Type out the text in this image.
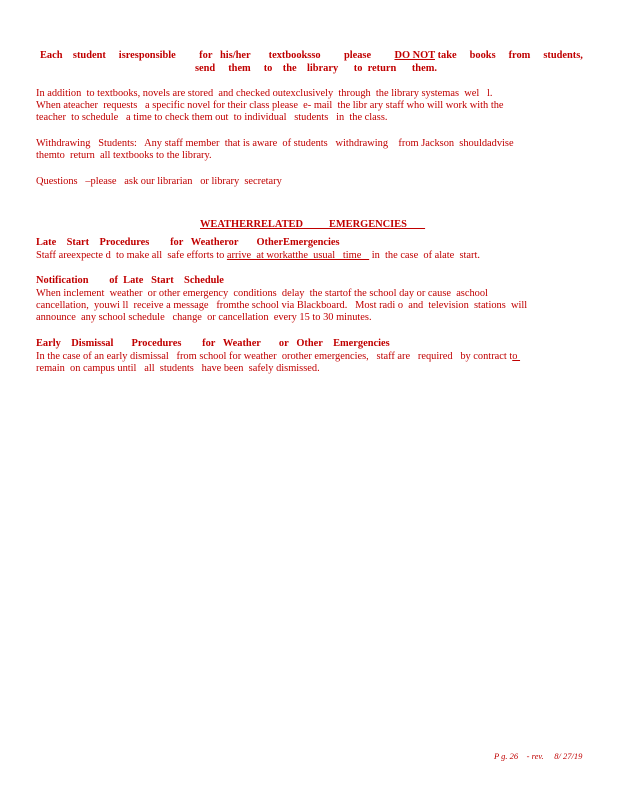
Each    student     isresponsible         for   his/her       textbooksso         please         DO NOT take     books     from     students,
send     them     to    the    library      to  return      them.
In addition  to textbooks, novels are stored  and checked outexclusively  through  the library systemas  wel   l.
When ateacher  requests   a specific novel for their class please  e- mail  the libr ary staff who will work with the
teacher  to schedule   a time to check them out  to individual   students   in  the class.
Withdrawing   Students:   Any staff member  that is aware  of students   withdrawing    from Jackson  shouldadvise
themto  return  all textbooks to the library.
Questions   –please   ask our librarian   or library  secretary
WEATHERRELATED          EMERGENCIES
Late    Start    Procedures        for   Weatheror       OtherEmergencies
Staff areexpecte d  to make all  safe efforts to arrive  at workatthe  usual   time    in  the case  of alate  start.
Notification        of  Late   Start    Schedule
When inclement  weather  or other emergency  conditions  delay  the startof the school day or cause  aschool
cancellation,  youwi ll  receive a message   fromthe school via Blackboard.   Most radi o  and  television  stations  will
announce  any school schedule   change  or cancellation  every 15 to 30 minutes.
Early    Dismissal       Procedures        for   Weather       or   Other    Emergencies
In the case of an early dismissal   from school for weather  orother emergencies,   staff are   required   by contract to
remain  on campus until   all  students   have been  safely dismissed.
P g. 26    - rev.     8/ 27/19
